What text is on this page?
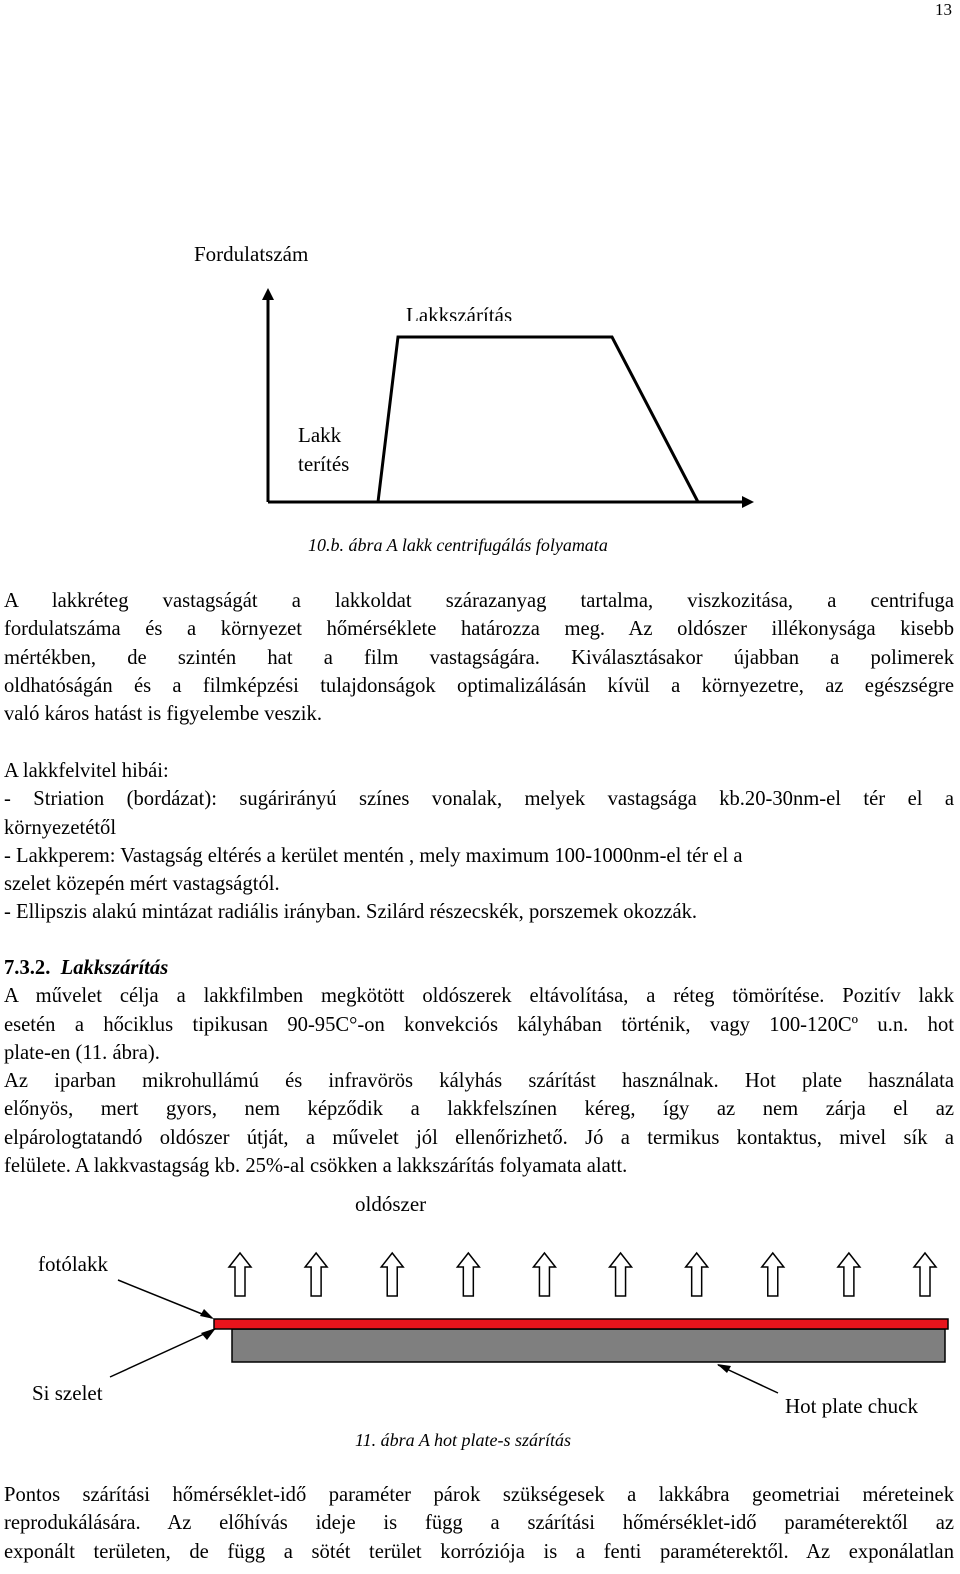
13
Fordulatszám
Lakkszárítás
Lakk
terítés
10.b. ábra A lakk centrifugálás folyamata

A lakkréteg vastagságát a lakkoldat szárazanyag tartalma, viszkozitása, a centrifuga

fordulatszáma és a környezet hőmérséklete határozza meg. Az oldószer illékonysága kisebb

mértékben, de szintén hat a film vastagságára. Kiválasztásakor újabban a polimerek

oldhatóságán és a filmképzési tulajdonságok optimalizálásán kívül a környezetre, az egészségre

való káros hatást is figyelembe veszik.

A lakkfelvitel hibái:

- Striation (bordázat): sugárirányú színes vonalak, melyek vastagsága kb.20-30nm-el tér el a

környezetétől

- Lakkperem: Vastagság eltérés a kerület mentén , mely maximum 100-1000nm-el tér el a

szelet közepén mért vastagságtól.

- Ellipszis alakú mintázat radiális irányban. Szilárd részecskék, porszemek okozzák.

7.3.2. Lakkszárítás

A művelet célja a lakkfilmben megkötött oldószerek eltávolítása, a réteg tömörítése. Pozitív lakk

esetén a hőciklus tipikusan 90-95C°-on konvekciós kályhában történik, vagy 100-120Cº u.n. hot

plate-en (11. ábra).

Az iparban mikrohullámú és infravörös kályhás szárítást használnak. Hot plate használata

előnyös, mert gyors, nem képződik a lakkfelszínen kéreg, így az nem zárja el az

elpárologtatandó oldószer útját, a művelet jól ellenőrizhető. Jó a termikus kontaktus, mivel sík a

felülete. A lakkvastagság kb. 25%-al csökken a lakkszárítás folyamata alatt.

oldószer
fotólakk
Si szelet
Hot plate chuck
11. ábra A hot plate-s szárítás

Pontos szárítási hőmérséklet-idő paraméter párok szükségesek a lakkábra geometriai méreteinek

reprodukálására. Az előhívás ideje is függ a szárítási hőmérséklet-idő paraméterektől az

exponált területen, de függ a sötét terület korróziója is a fenti paraméterektől. Az exponálatlan
